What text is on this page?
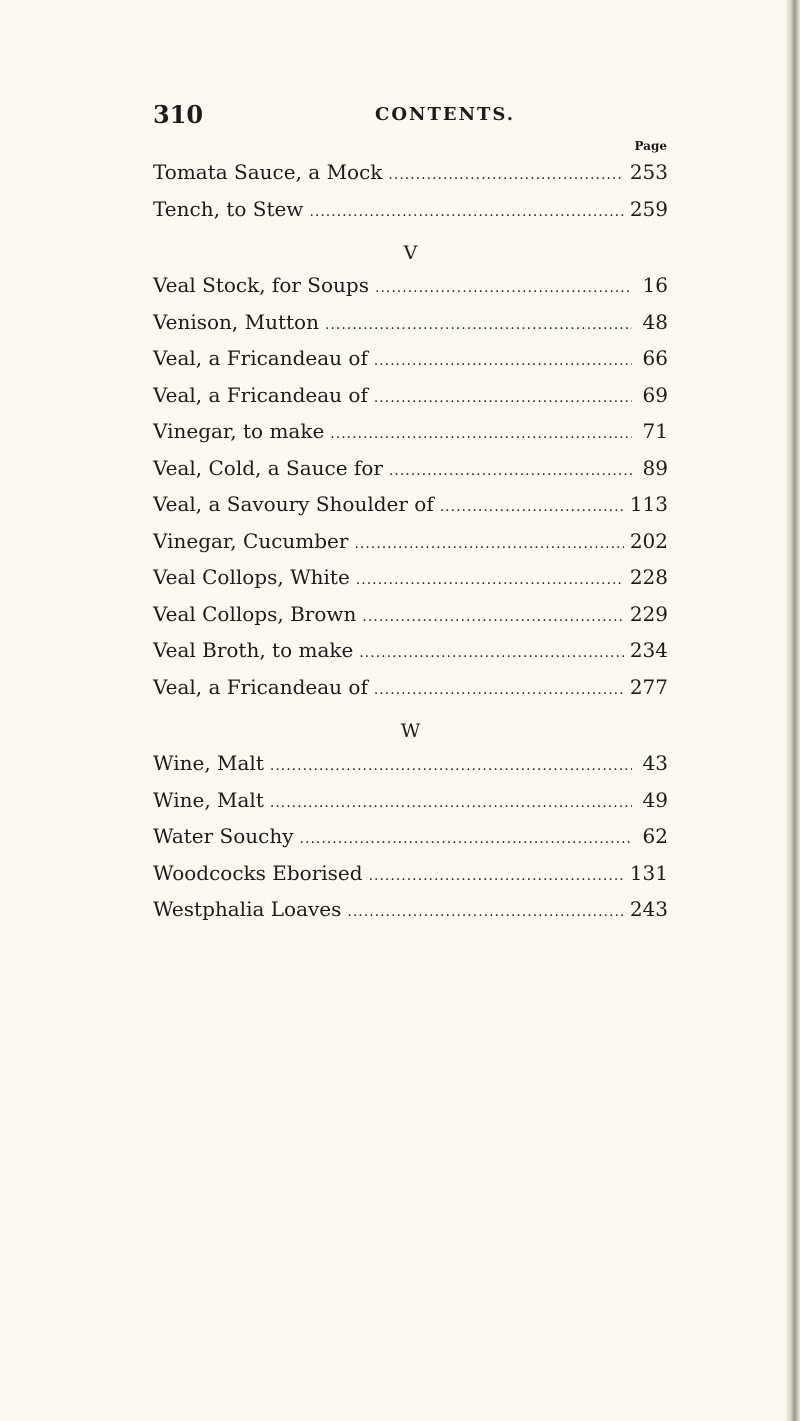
310	CONTENTS.
Page
Tomata Sauce, a Mock .....	253
Tench, to Stew .....	259
V
Veal Stock, for Soups .....	16
Venison, Mutton .....	48
Veal, a Fricandeau of .....	66
Veal, a Fricandeau of .....	69
Vinegar, to make .....	71
Veal, Cold, a Sauce for .....	89
Veal, a Savoury Shoulder of .....	113
Vinegar, Cucumber .....	202
Veal Collops, White .....	228
Veal Collops, Brown .....	229
Veal Broth, to make .....	234
Veal, a Fricandeau of .....	277
W
Wine, Malt .....	43
Wine, Malt .....	49
Water Souchy .....	62
Woodcocks Eborised .....	131
Westphalia Loaves .....	243
